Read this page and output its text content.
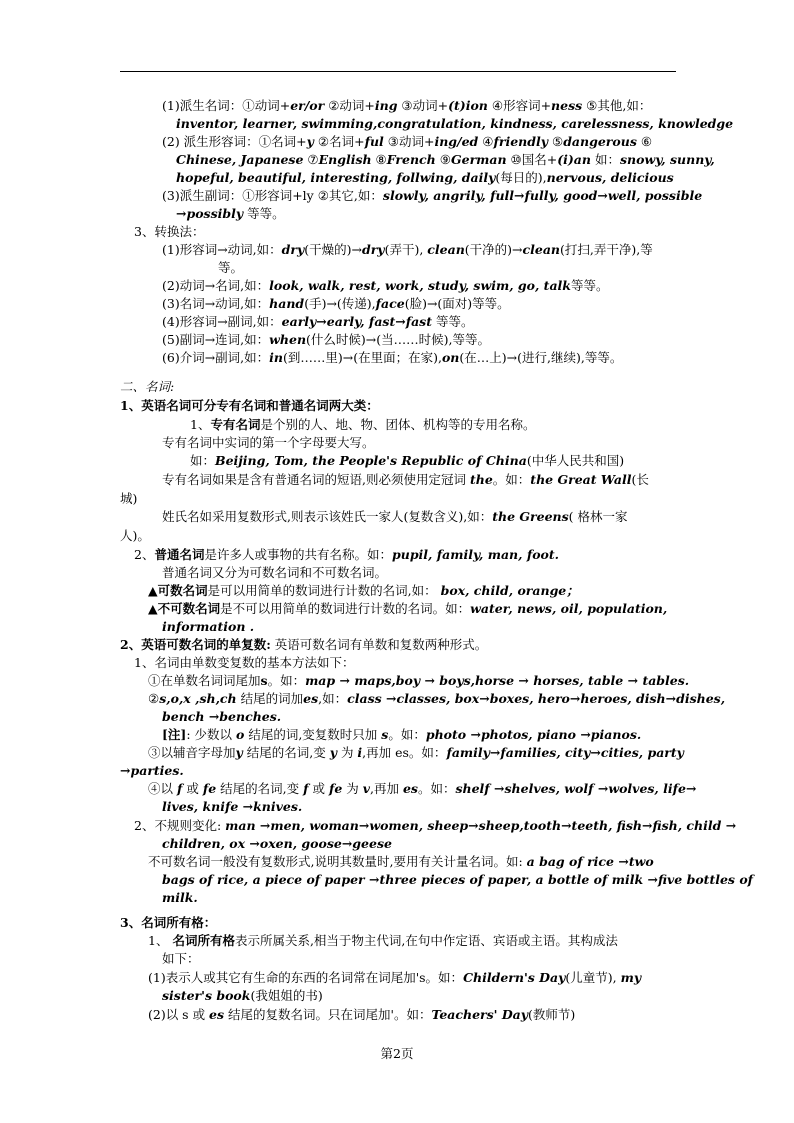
(1)派生名词：①动词+er/or ②动词+ing ③动词+(t)ion ④形容词+ness ⑤其他,如：
inventor, learner, swimming,congratulation, kindness, carelessness, knowledge
(2) 派生形容词：①名词+y ②名词+ful ③动词+ing/ed ④friendly ⑤dangerous ⑥
Chinese, Japanese ⑦English ⑧French ⑨German ⑩国名+(i)an 如：snowy, sunny,
hopeful, beautiful, interesting, follwing, daily(每日的),nervous, delicious
(3)派生副词：①形容词+ly ②其它,如：slowly, angrily, full→fully, good→well, possible
→possibly 等等。
3、转换法：
(1)形容词→动词,如：dry(干燥的)→dry(弄干), clean(干净的)→clean(打扫,弄干净),等
等。
(2)动词→名词,如：look, walk, rest, work, study, swim, go, talk等等。
(3)名词→动词,如：hand(手)→(传递),face(脸)→(面对)等等。
(4)形容词→副词,如：early→early, fast→fast 等等。
(5)副词→连词,如：when(什么时候)→(当……时候),等等。
(6)介词→副词,如：in(到……里)→(在里面；在家),on(在…上)→(进行,继续),等等。
二、名词:
1、英语名词可分专有名词和普通名词两大类：
1、专有名词是个别的人、地、物、团体、机构等的专用名称。
专有名词中实词的第一个字母要大写。
如：Beijing, Tom, the People's Republic of China(中华人民共和国)
专有名词如果是含有普通名词的短语,则必须使用定冠词 the。如：the Great Wall(长
城)
姓氏名如采用复数形式,则表示该姓氏一家人(复数含义),如：the Greens( 格林一家
人)。
2、普通名词是许多人或事物的共有名称。如：pupil, family, man, foot.
普通名词又分为可数名词和不可数名词。
▲可数名词是可以用简单的数词进行计数的名词,如： box, child, orange；
▲不可数名词是不可以用简单的数词进行计数的名词。如：water, news, oil, population,
information .
2、英语可数名词的单复数: 英语可数名词有单数和复数两种形式。
1、名词由单数变复数的基本方法如下：
①在单数名词词尾加s。如：map → maps,boy → boys,horse → horses, table → tables.
②s,o,x ,sh,ch 结尾的词加es,如：class →classes, box→boxes, hero→heroes, dish→dishes,
bench →benches.
[注]: 少数以 o 结尾的词,变复数时只加 s。如：photo →photos, piano →pianos.
③以辅音字母加y 结尾的名词,变 y 为 i,再加 es。如：family→families, city→cities, party
→parties.
④以 f 或 fe 结尾的名词,变 f 或 fe 为 v,再加 es。如：shelf →shelves, wolf →wolves, life→
lives, knife →knives.
2、不规则变化: man →men, woman→women, sheep→sheep,tooth→teeth, fish→fish, child →
children, ox →oxen, goose→geese
不可数名词一般没有复数形式,说明其数量时,要用有关计量名词。如: a bag of rice →two
bags of rice, a piece of paper →three pieces of paper, a bottle of milk →five bottles of
milk.
3、名词所有格：
1、 名词所有格表示所属关系,相当于物主代词,在句中作定语、宾语或主语。其构成法
如下：
(1)表示人或其它有生命的东西的名词常在词尾加's。如：Childern's Day(儿童节), my
sister's book(我姐姐的书)
(2)以 s 或 es 结尾的复数名词。只在词尾加'。如：Teachers' Day(教师节)
第2页
